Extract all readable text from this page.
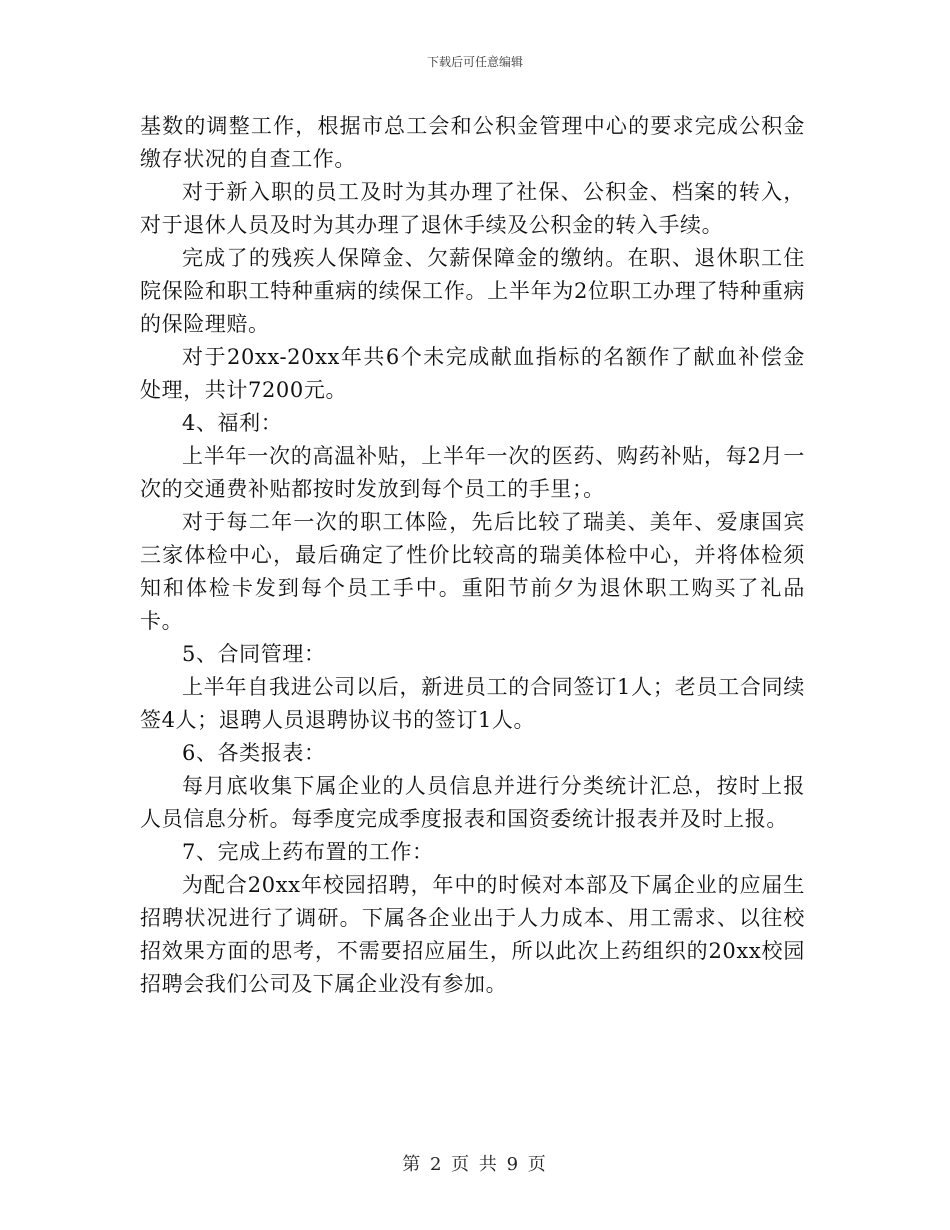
下载后可任意编辑

基数的调整工作，根据市总工会和公积金管理中心的要求完成公积金缴存状况的自查工作。

对于新入职的员工及时为其办理了社保、公积金、档案的转入，对于退休人员及时为其办理了退休手续及公积金的转入手续。

完成了的残疾人保障金、欠薪保障金的缴纳。在职、退休职工住院保险和职工特种重病的续保工作。上半年为2位职工办理了特种重病的保险理赔。

对于20xx-20xx年共6个未完成献血指标的名额作了献血补偿金处理，共计7200元。

4、福利：

上半年一次的高温补贴，上半年一次的医药、购药补贴，每2月一次的交通费补贴都按时发放到每个员工的手里；。

对于每二年一次的职工体险，先后比较了瑞美、美年、爱康国宾三家体检中心，最后确定了性价比较高的瑞美体检中心，并将体检须知和体检卡发到每个员工手中。重阳节前夕为退休职工购买了礼品卡。

5、合同管理：

上半年自我进公司以后，新进员工的合同签订1人；老员工合同续签4人；退聘人员退聘协议书的签订1人。

6、各类报表：

每月底收集下属企业的人员信息并进行分类统计汇总，按时上报人员信息分析。每季度完成季度报表和国资委统计报表并及时上报。

7、完成上药布置的工作：

为配合20xx年校园招聘，年中的时候对本部及下属企业的应届生招聘状况进行了调研。下属各企业出于人力成本、用工需求、以往校招效果方面的思考，不需要招应届生，所以此次上药组织的20xx校园招聘会我们公司及下属企业没有参加。

第 2 页 共 9 页
